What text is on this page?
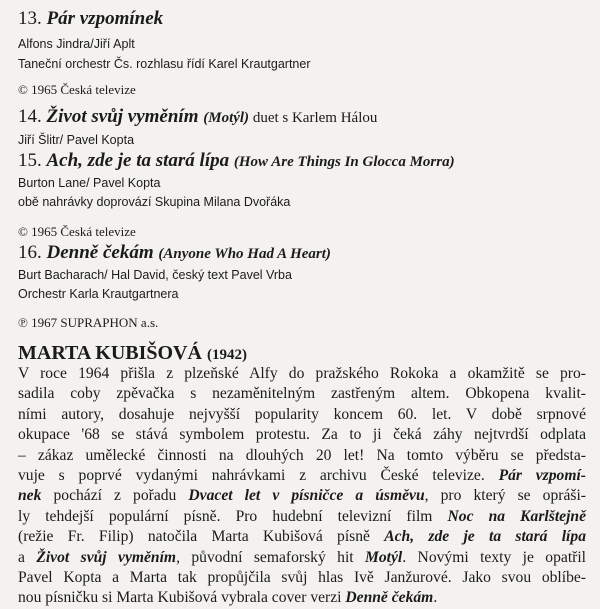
13. Pár vzpomínek
Alfons Jindra/Jiří Aplt
Taneční orchestr Čs. rozhlasu řídí Karel Krautgartner
© 1965 Česká televize
14. Život svůj vyměním (Motýl) duet s Karlem Hálou
Jiří Šlitr/ Pavel Kopta
15. Ach, zde je ta stará lípa (How Are Things In Glocca Morra)
Burton Lane/ Pavel Kopta
obě nahrávky doprovází Skupina Milana Dvořáka
© 1965 Česká televize
16. Denně čekám (Anyone Who Had A Heart)
Burt Bacharach/ Hal David, český text Pavel Vrba
Orchestr Karla Krautgartnera
℗ 1967 SUPRAPHON a.s.
MARTA KUBIŠOVÁ (1942)
V roce 1964 přišla z plzeňské Alfy do pražského Rokoka a okamžitě se pro-
sadila coby zpěvačka s nezaměnitelným zastřeným altem. Obkopena kvalit-
ními autory, dosahuje nejvyšší popularity koncem 60. let. V době srpnové
okupace '68 se stává symbolem protestu. Za to ji čeká záhy nejtvrdší odplata
– zákaz umělecké činnosti na dlouhých 20 let! Na tomto výběru se předsta-
vuje s poprvé vydanými nahrávkami z archivu České televize. Pár vzpomí-
nek pochází z pořadu Dvacet let v písničce a úsměvu, pro který se opráši-
ly tehdejší populární písně. Pro hudební televizní film Noc na Karlštejně
(režie Fr. Filip) natočila Marta Kubišová písně Ach, zde je ta stará lípa
a Život svůj vyměním, původní semaforský hit Motýl. Novými texty je opatřil
Pavel Kopta a Marta tak propůjčila svůj hlas Ivě Janžurové. Jako svou oblíbe-
nou písničku si Marta Kubišová vybrala cover verzi Denně čekám.
